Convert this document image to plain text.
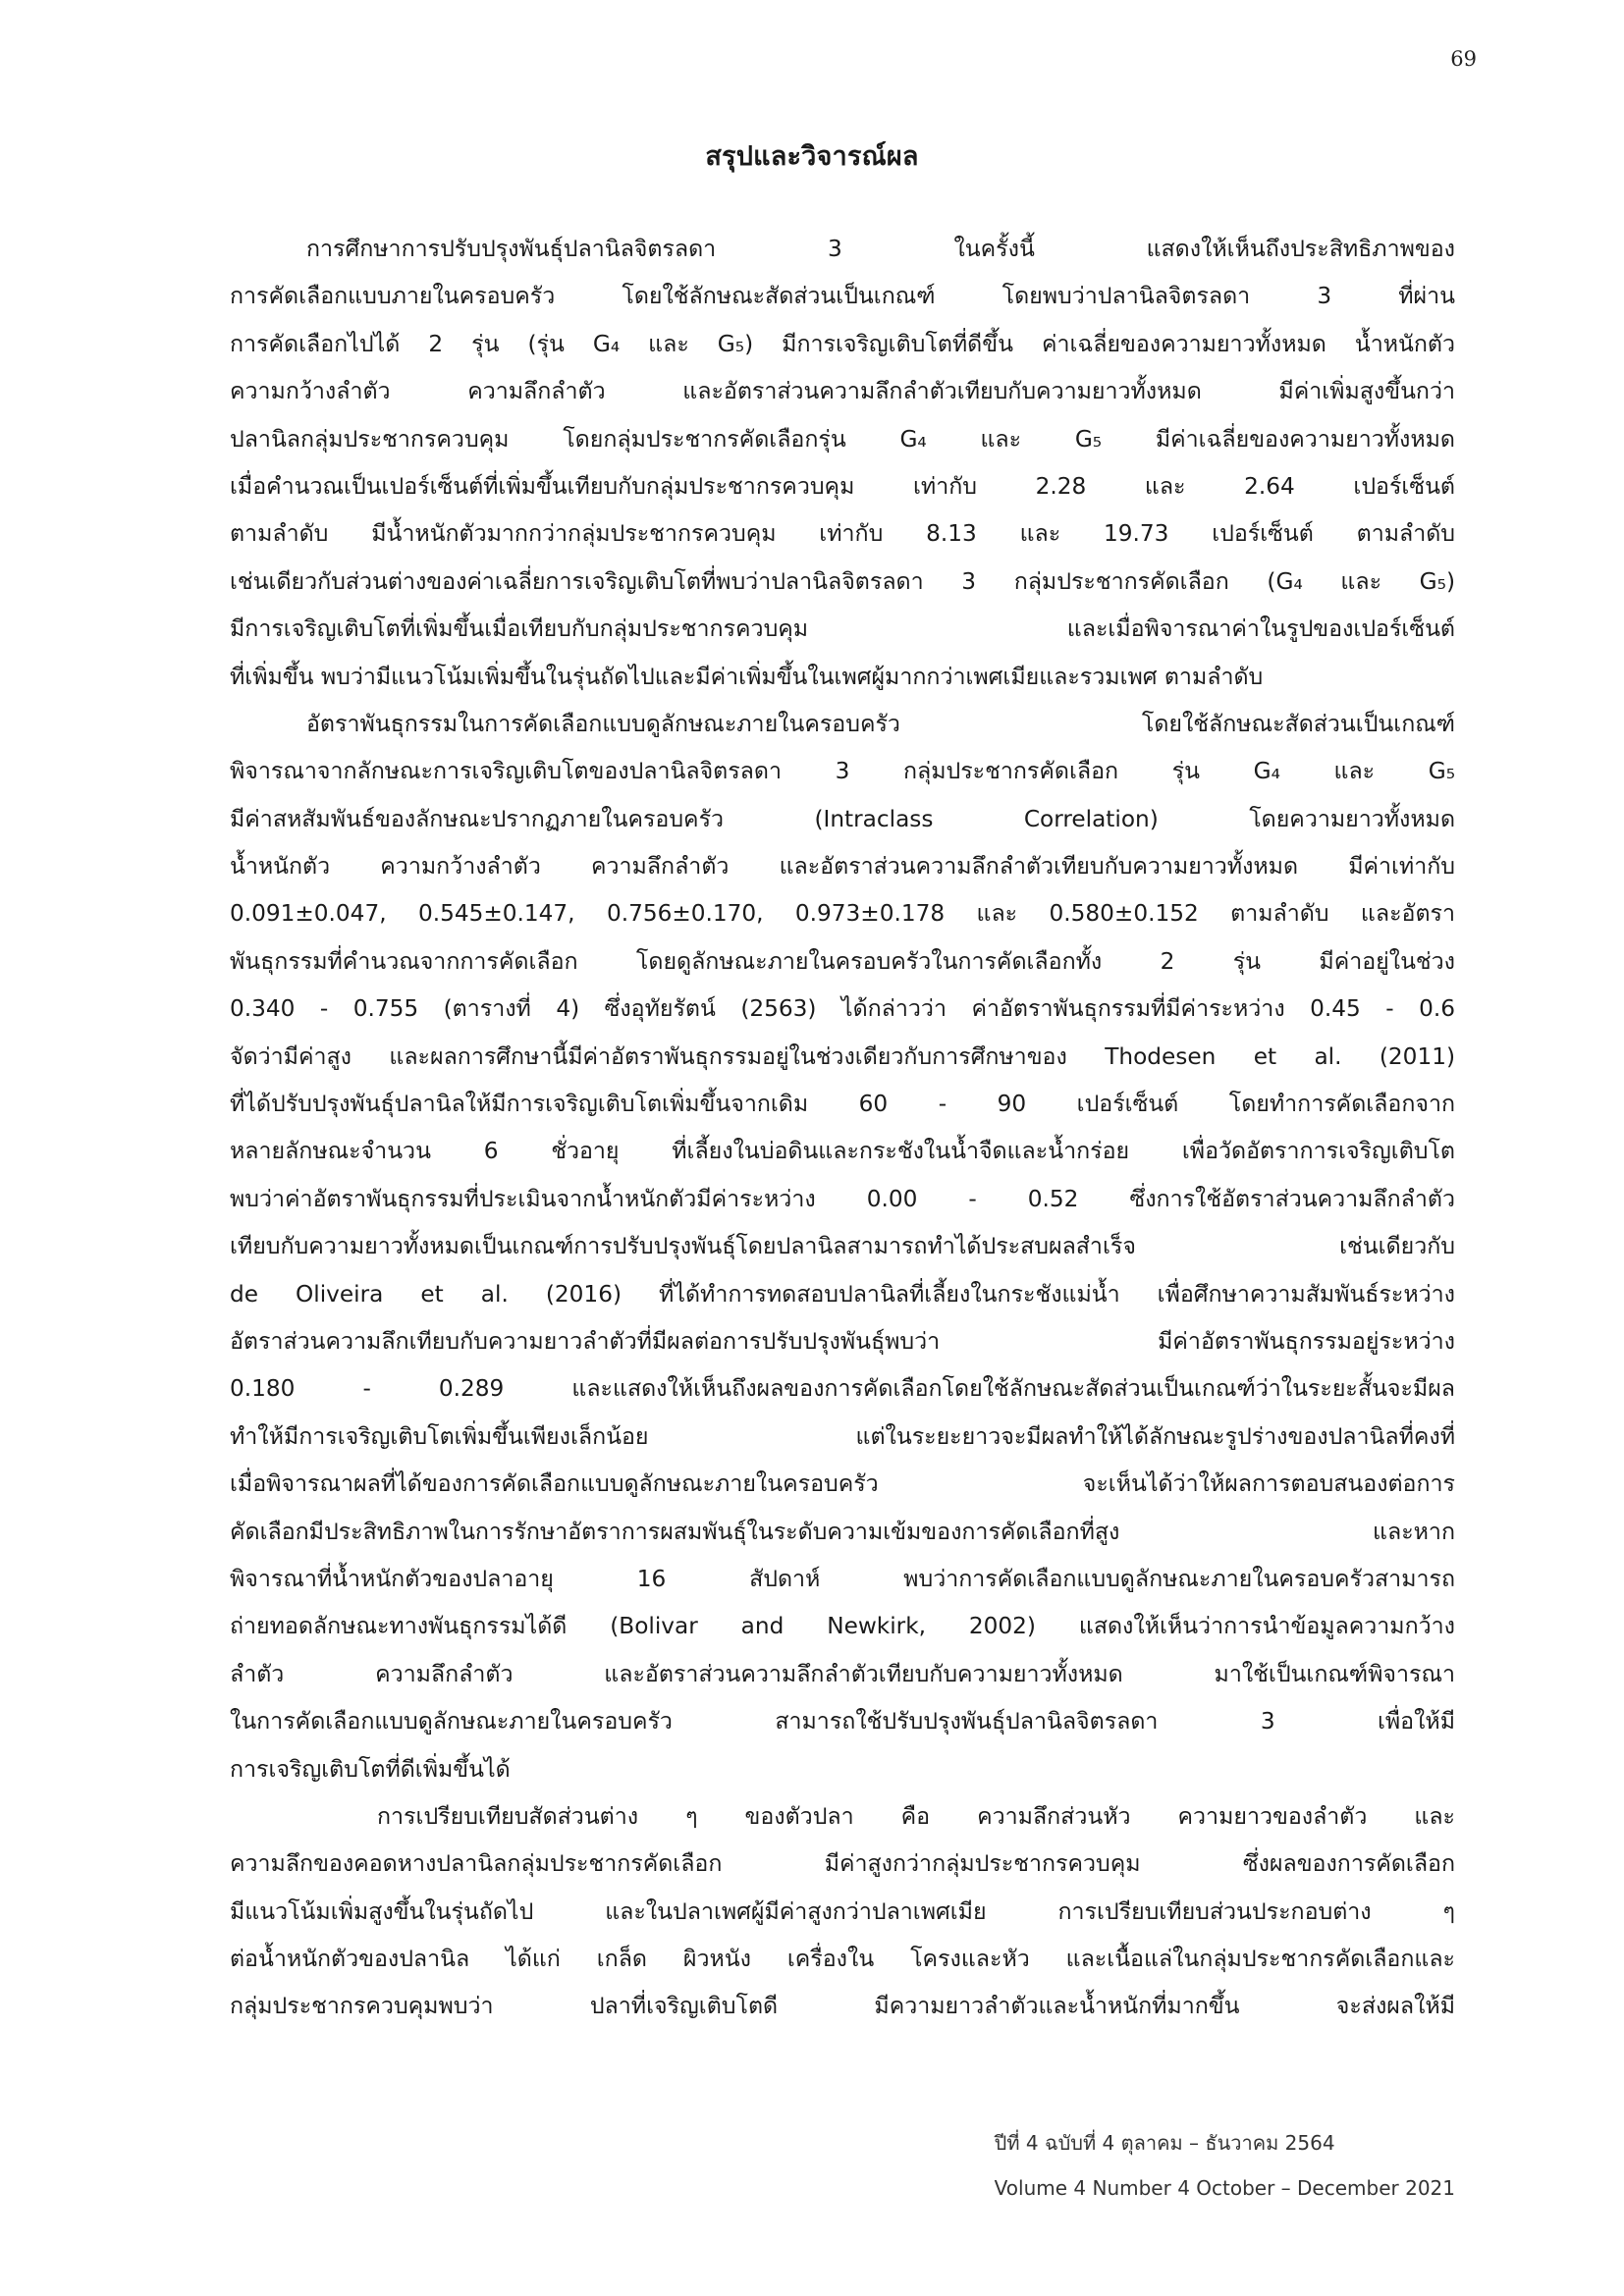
69
สรุปและวิจารณ์ผล
การศึกษาการปรับปรุงพันธุ์ปลานิลจิตรลดา 3 ในครั้งนี้ แสดงให้เห็นถึงประสิทธิภาพของ
การคัดเลือกแบบภายในครอบครัว โดยใช้ลักษณะสัดส่วนเป็นเกณฑ์ โดยพบว่าปลานิลจิตรลดา 3 ที่ผ่าน
การคัดเลือกไปได้ 2 รุ่น (รุ่น G₄ และ G₅) มีการเจริญเติบโตที่ดีขึ้น ค่าเฉลี่ยของความยาวทั้งหมด น้ำหนักตัว
ความกว้างลำตัว ความลึกลำตัว และอัตราส่วนความลึกลำตัวเทียบกับความยาวทั้งหมด มีค่าเพิ่มสูงขึ้นกว่า
ปลานิลกลุ่มประชากรควบคุม โดยกลุ่มประชากรคัดเลือกรุ่น G₄ และ G₅ มีค่าเฉลี่ยของความยาวทั้งหมด
เมื่อคำนวณเป็นเปอร์เซ็นต์ที่เพิ่มขึ้นเทียบกับกลุ่มประชากรควบคุม เท่ากับ 2.28 และ 2.64 เปอร์เซ็นต์
ตามลำดับ มีน้ำหนักตัวมากกว่ากลุ่มประชากรควบคุม เท่ากับ 8.13 และ 19.73 เปอร์เซ็นต์ ตามลำดับ
เช่นเดียวกับส่วนต่างของค่าเฉลี่ยการเจริญเติบโตที่พบว่าปลานิลจิตรลดา 3 กลุ่มประชากรคัดเลือก (G₄ และ G₅)
มีการเจริญเติบโตที่เพิ่มขึ้นเมื่อเทียบกับกลุ่มประชากรควบคุม และเมื่อพิจารณาค่าในรูปของเปอร์เซ็นต์
ที่เพิ่มขึ้น พบว่ามีแนวโน้มเพิ่มขึ้นในรุ่นถัดไปและมีค่าเพิ่มขึ้นในเพศผู้มากกว่าเพศเมียและรวมเพศ ตามลำดับ
อัตราพันธุกรรมในการคัดเลือกแบบดูลักษณะภายในครอบครัว โดยใช้ลักษณะสัดส่วนเป็นเกณฑ์
พิจารณาจากลักษณะการเจริญเติบโตของปลานิลจิตรลดา 3 กลุ่มประชากรคัดเลือก รุ่น G₄ และ G₅
มีค่าสหสัมพันธ์ของลักษณะปรากฏภายในครอบครัว (Intraclass Correlation) โดยความยาวทั้งหมด
น้ำหนักตัว ความกว้างลำตัว ความลึกลำตัว และอัตราส่วนความลึกลำตัวเทียบกับความยาวทั้งหมด มีค่าเท่ากับ
0.091±0.047, 0.545±0.147, 0.756±0.170, 0.973±0.178 และ 0.580±0.152 ตามลำดับ และอัตรา
พันธุกรรมที่คำนวณจากการคัดเลือก โดยดูลักษณะภายในครอบครัวในการคัดเลือกทั้ง 2 รุ่น มีค่าอยู่ในช่วง
0.340 - 0.755 (ตารางที่ 4) ซึ่งอุทัยรัตน์ (2563) ได้กล่าวว่า ค่าอัตราพันธุกรรมที่มีค่าระหว่าง 0.45 - 0.6
จัดว่ามีค่าสูง และผลการศึกษานี้มีค่าอัตราพันธุกรรมอยู่ในช่วงเดียวกับการศึกษาของ Thodesen et al. (2011)
ที่ได้ปรับปรุงพันธุ์ปลานิลให้มีการเจริญเติบโตเพิ่มขึ้นจากเดิม 60 - 90 เปอร์เซ็นต์ โดยทำการคัดเลือกจาก
หลายลักษณะจำนวน 6 ชั่วอายุ ที่เลี้ยงในบ่อดินและกระชังในน้ำจืดและน้ำกร่อย เพื่อวัดอัตราการเจริญเติบโต
พบว่าค่าอัตราพันธุกรรมที่ประเมินจากน้ำหนักตัวมีค่าระหว่าง 0.00 - 0.52 ซึ่งการใช้อัตราส่วนความลึกลำตัว
เทียบกับความยาวทั้งหมดเป็นเกณฑ์การปรับปรุงพันธุ์โดยปลานิลสามารถทำได้ประสบผลสำเร็จ เช่นเดียวกับ
de Oliveira et al. (2016) ที่ได้ทำการทดสอบปลานิลที่เลี้ยงในกระชังแม่น้ำ เพื่อศึกษาความสัมพันธ์ระหว่าง
อัตราส่วนความลึกเทียบกับความยาวลำตัวที่มีผลต่อการปรับปรุงพันธุ์พบว่า มีค่าอัตราพันธุกรรมอยู่ระหว่าง
0.180 - 0.289 และแสดงให้เห็นถึงผลของการคัดเลือกโดยใช้ลักษณะสัดส่วนเป็นเกณฑ์ว่าในระยะสั้นจะมีผล
ทำให้มีการเจริญเติบโตเพิ่มขึ้นเพียงเล็กน้อย แต่ในระยะยาวจะมีผลทำให้ได้ลักษณะรูปร่างของปลานิลที่คงที่
เมื่อพิจารณาผลที่ได้ของการคัดเลือกแบบดูลักษณะภายในครอบครัว จะเห็นได้ว่าให้ผลการตอบสนองต่อการ
คัดเลือกมีประสิทธิภาพในการรักษาอัตราการผสมพันธุ์ในระดับความเข้มของการคัดเลือกที่สูง และหาก
พิจารณาที่น้ำหนักตัวของปลาอายุ 16 สัปดาห์ พบว่าการคัดเลือกแบบดูลักษณะภายในครอบครัวสามารถ
ถ่ายทอดลักษณะทางพันธุกรรมได้ดี (Bolivar and Newkirk, 2002) แสดงให้เห็นว่าการนำข้อมูลความกว้าง
ลำตัว ความลึกลำตัว และอัตราส่วนความลึกลำตัวเทียบกับความยาวทั้งหมด มาใช้เป็นเกณฑ์พิจารณา
ในการคัดเลือกแบบดูลักษณะภายในครอบครัว สามารถใช้ปรับปรุงพันธุ์ปลานิลจิตรลดา 3 เพื่อให้มี
การเจริญเติบโตที่ดีเพิ่มขึ้นได้
การเปรียบเทียบสัดส่วนต่าง ๆ ของตัวปลา คือ ความลึกส่วนหัว ความยาวของลำตัว และ
ความลึกของคอดหางปลานิลกลุ่มประชากรคัดเลือก มีค่าสูงกว่ากลุ่มประชากรควบคุม ซึ่งผลของการคัดเลือก
มีแนวโน้มเพิ่มสูงขึ้นในรุ่นถัดไป และในปลาเพศผู้มีค่าสูงกว่าปลาเพศเมีย การเปรียบเทียบส่วนประกอบต่าง ๆ
ต่อน้ำหนักตัวของปลานิล ได้แก่ เกล็ด ผิวหนัง เครื่องใน โครงและหัว และเนื้อแล่ในกลุ่มประชากรคัดเลือกและ
กลุ่มประชากรควบคุมพบว่า ปลาที่เจริญเติบโตดี มีความยาวลำตัวและน้ำหนักที่มากขึ้น จะส่งผลให้มี
ปีที่ 4 ฉบับที่ 4 ตุลาคม – ธันวาคม 2564
Volume 4 Number 4 October – December 2021
